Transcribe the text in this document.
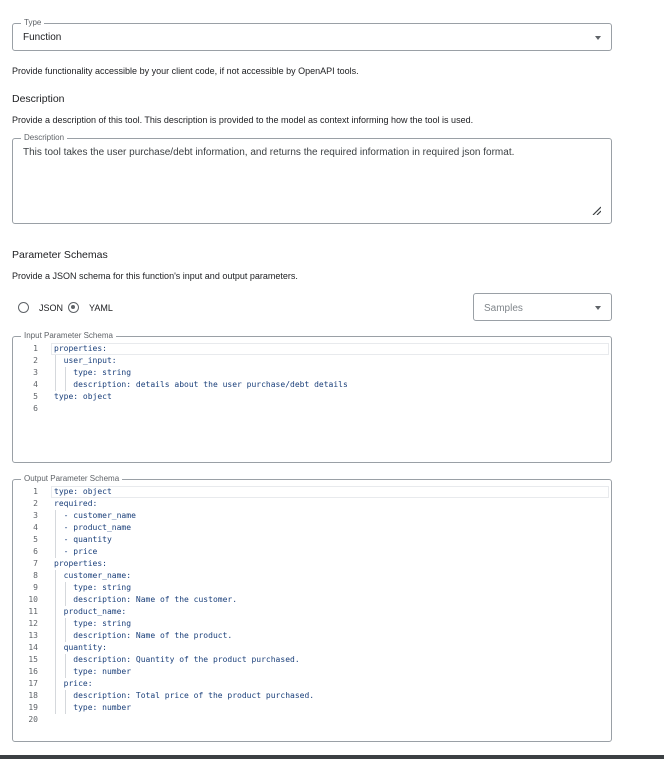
Type
Function
Provide functionality accessible by your client code, if not accessible by OpenAPI tools.
Description
Provide a description of this tool. This description is provided to the model as context informing how the tool is used.
Description
This tool takes the user purchase/debt information, and returns the required information in required json format.
Parameter Schemas
Provide a JSON schema for this function's input and output parameters.
JSON	YAML	Samples
Input Parameter Schema
1 properties:
2 user_input:
3 type: string
4 description: details about the user purchase/debt details
5 type: object
6
Output Parameter Schema
1 type: object
2 required:
3 - customer_name
4 - product_name
5 - quantity
6 - price
7 properties:
8 customer_name:
9 type: string
10 description: Name of the customer.
11 product_name:
12 type: string
13 description: Name of the product.
14 quantity:
15 description: Quantity of the product purchased.
16 type: number
17 price:
18 description: Total price of the product purchased.
19 type: number
20
